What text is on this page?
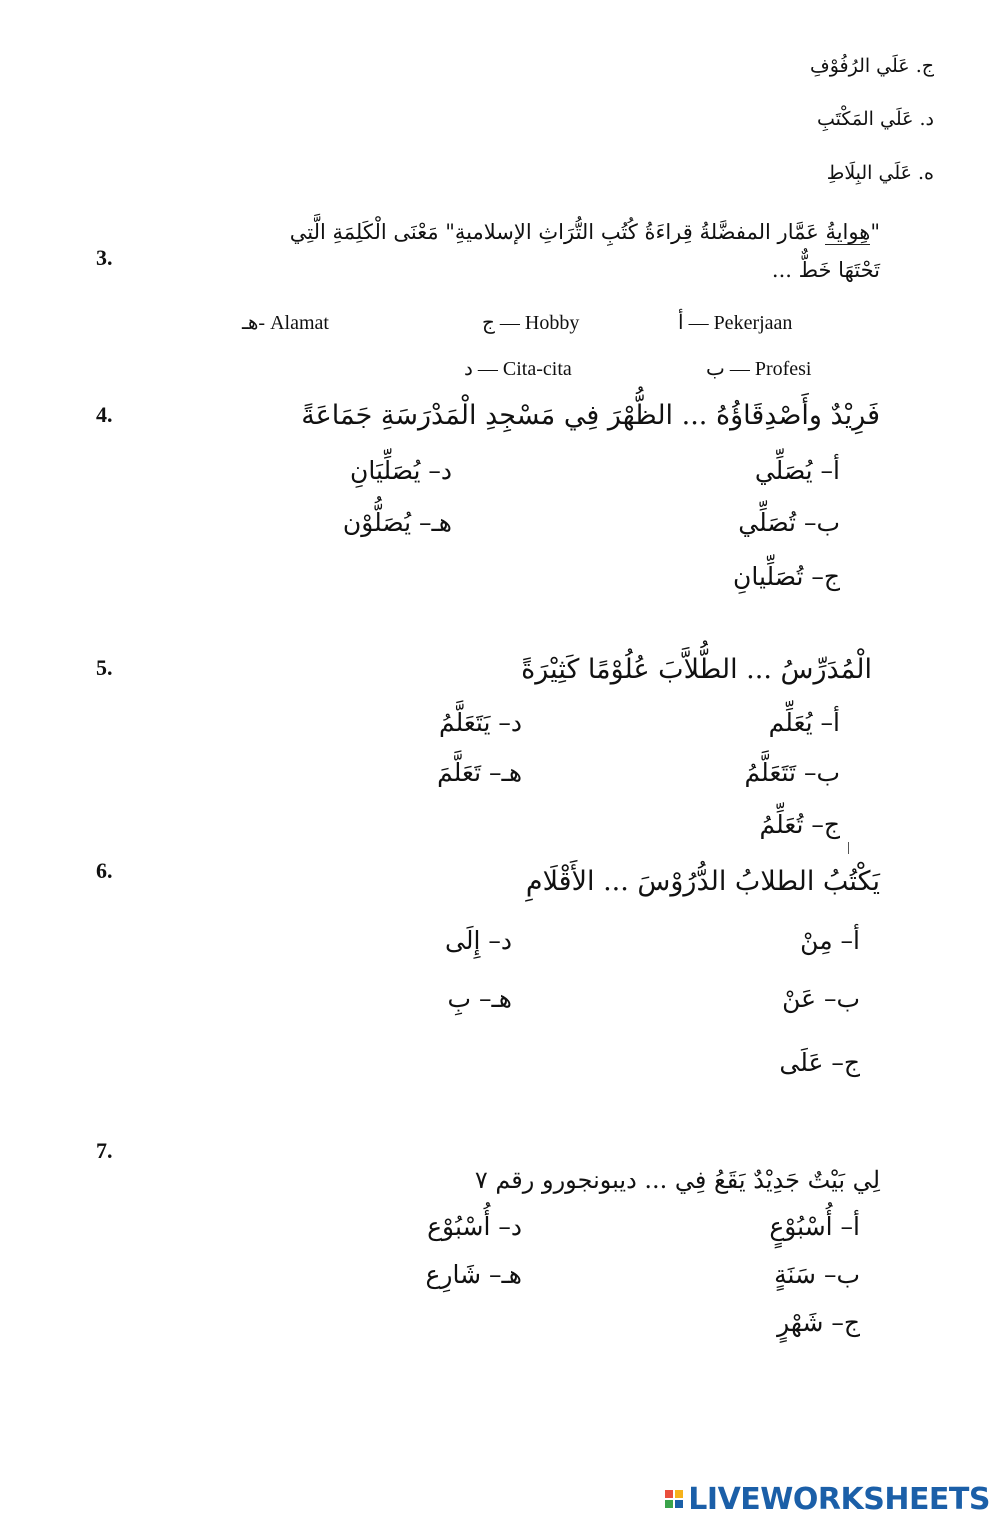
ج. عَلَي الرُفُوْفِ
د. عَلَي المَكْتَبِ
ه. عَلَي البِلَاطِ
3.
"هِوايةُ عَمَّار المفضَّلةُ قِراءَةُ كُتُبِ التُّرَاثِ الإسلاميةِ" مَعْنَى الْكَلِمَةِ الَّتِي
تَحْتَهَا خَطٌّ ...
أ — Pekerjaan
ب — Profesi
ج — Hobby
د — Cita-cita
هـ- Alamat
4.	فَرِيْدٌ وأَصْدِقَاؤُهُ ... الظُّهْرَ فِي مَسْجِدِ الْمَدْرَسَةِ جَمَاعَةً
أ– يُصَلِّي
ب– تُصَلِّي
ج– تُصَلِّيانِ
د– يُصَلِّيَانِ
هـ– يُصَلُّوْن
5.	الْمُدَرِّسُ ... الطُّلاَّبَ عُلُوْمًا كَثِيْرَةً
أ– يُعَلِّم
ب– تَتَعَلَّمُ
ج– تُعَلِّمُ
د– يَتَعَلَّمُ
هـ– تَعَلَّمَ
6.	يَكْتُبُ الطلابُ الدُّرُوْسَ ... الأَقْلَامِ
أ– مِنْ
ب– عَنْ
ج– عَلَى
د– إِلَى
هـ– بِ
7.
لِي بَيْتٌ جَدِيْدٌ يَقَعُ فِي ... ديبونجورو رقم ٧
أ– أُسْبُوْعٍ
ب– سَنَةٍ
ج– شَهْرٍ
د– أُسْبُوْع
هـ– شَارِع
LIVEWORKSHEETS
